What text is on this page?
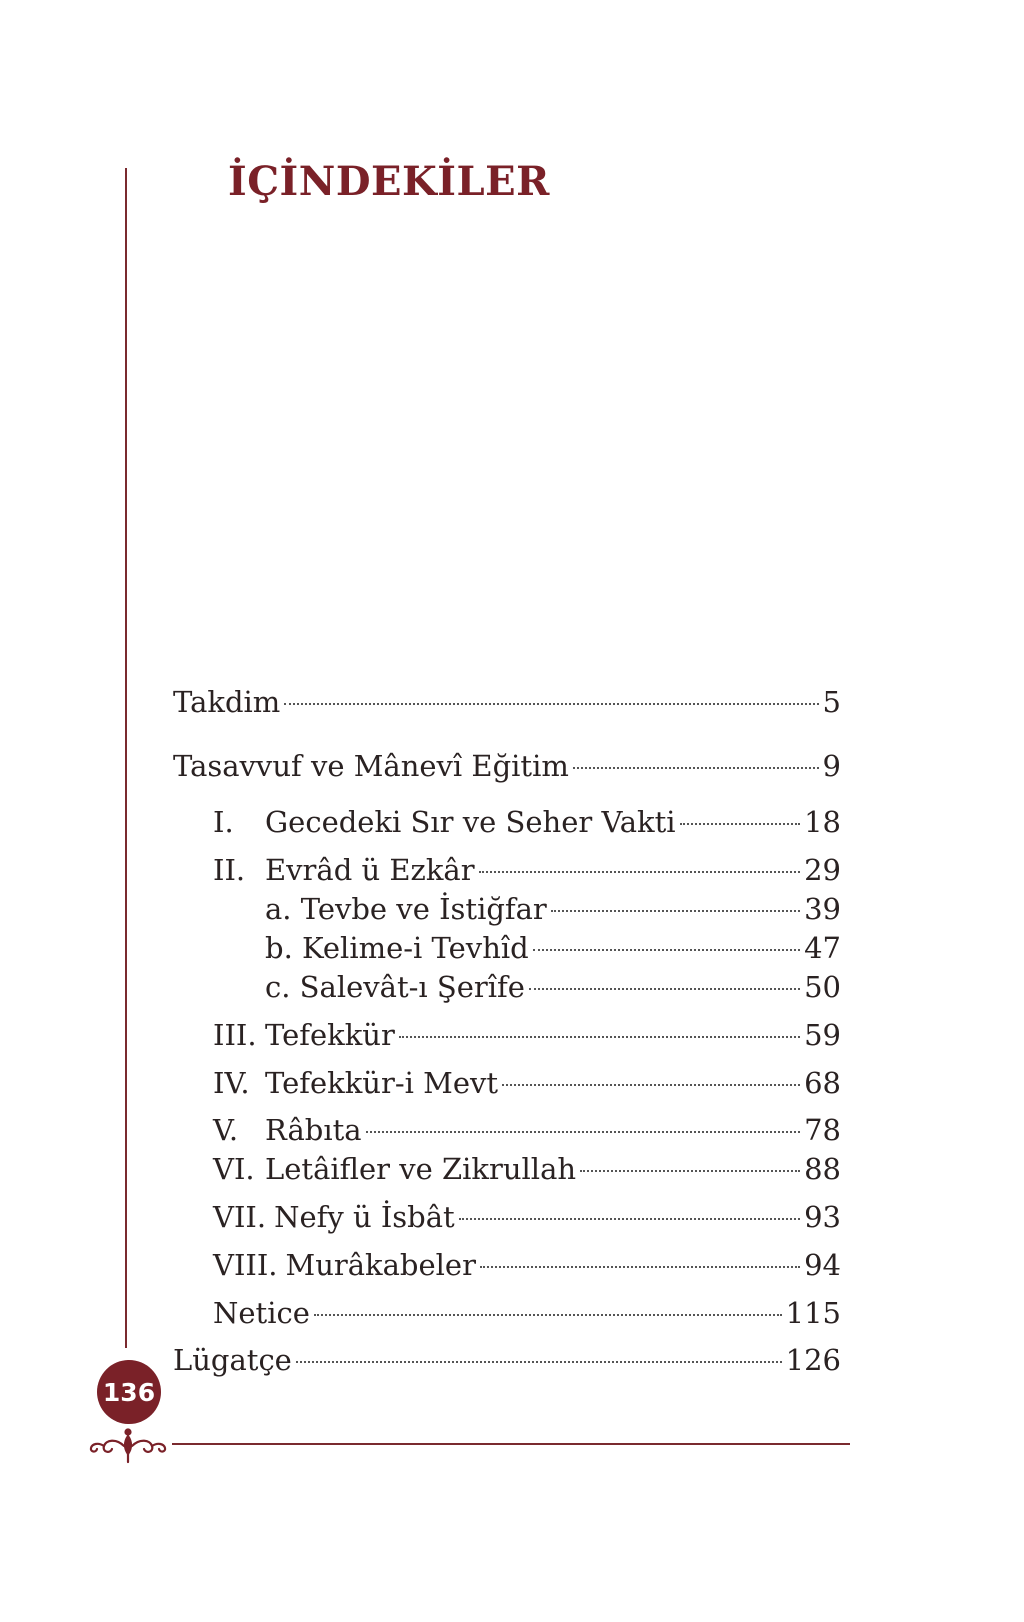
İÇİNDEKİLER
Takdim	5
Tasavvuf ve Mânevî Eğitim	9
I.	Gecedeki Sır ve Seher Vakti	18
II. Evrâd ü Ezkâr	29
a. Tevbe ve İstiğfar	39
b. Kelime-i Tevhîd	47
c. Salevât-ı Şerîfe	50
III. Tefekkür	59
IV. Tefekkür-i Mevt	68
V. Râbıta	78
VI. Letâifler ve Zikrullah	88
VII. Nefy ü İsbât	93
VIII. Murâkabeler	94
Netice	115
Lügatçe	126
136
